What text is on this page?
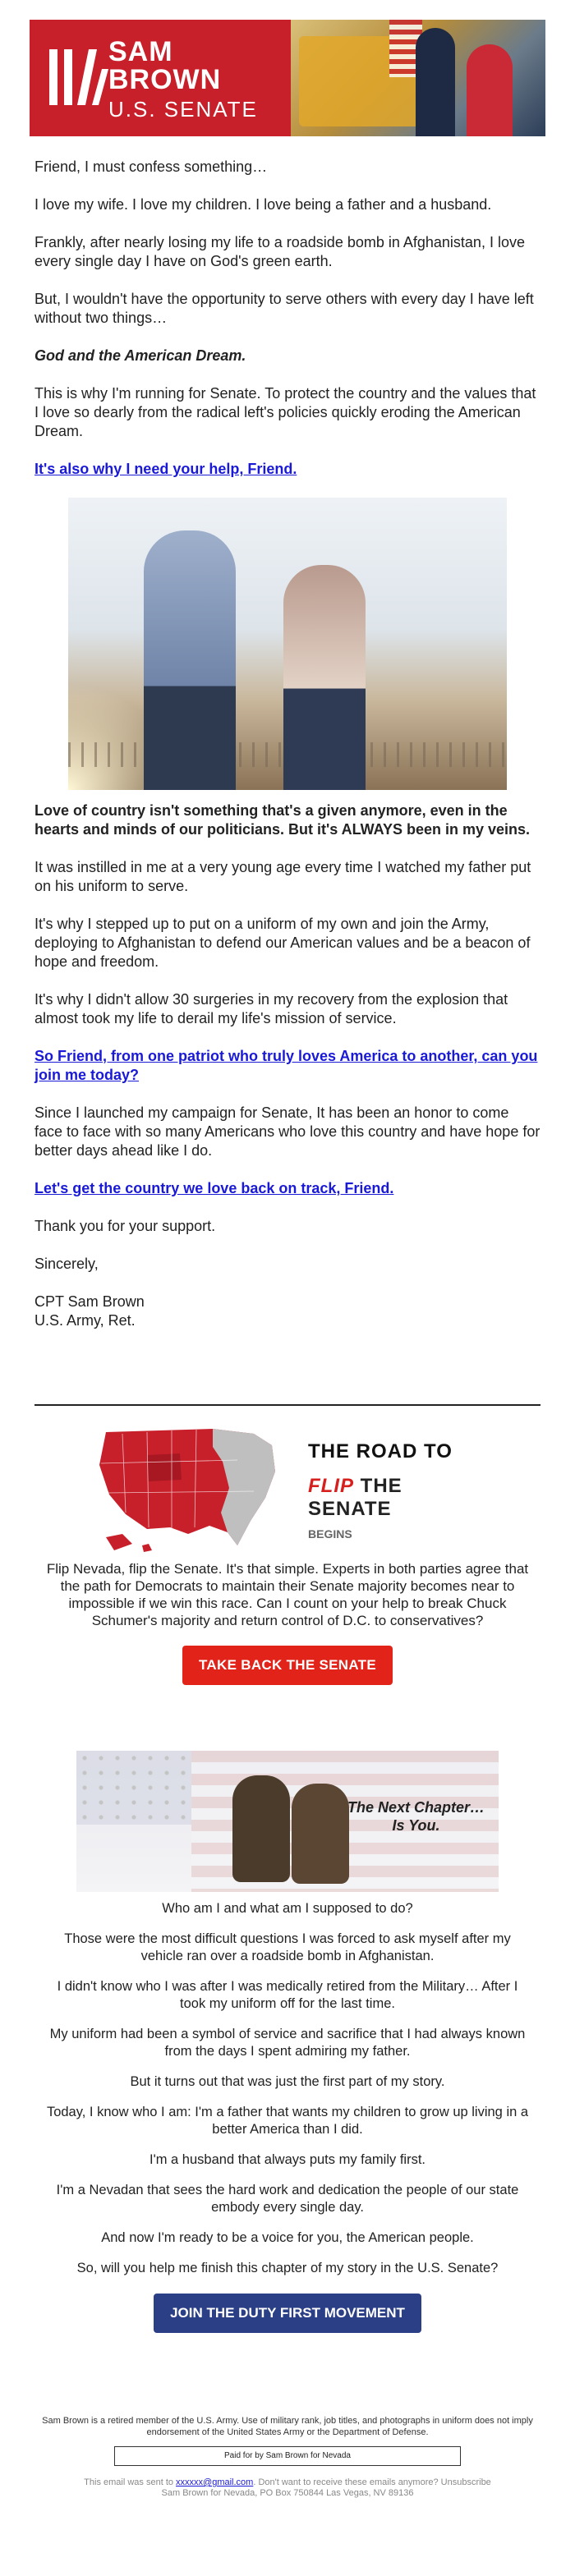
SAM
BROWN
U.S. SENATE

Friend, I must confess something…

I love my wife. I love my children. I love being a father and a husband.

Frankly, after nearly losing my life to a roadside bomb in Afghanistan, I love every single day I have on God's green earth.

But, I wouldn't have the opportunity to serve others with every day I have left without two things…

God and the American Dream.

This is why I'm running for Senate. To protect the country and the values that I love so dearly from the radical left's policies quickly eroding the American Dream.

It's also why I need your help, Friend.

Love of country isn't something that's a given anymore, even in the hearts and minds of our politicians. But it's ALWAYS been in my veins.

It was instilled in me at a very young age every time I watched my father put on his uniform to serve.

It's why I stepped up to put on a uniform of my own and join the Army, deploying to Afghanistan to defend our American values and be a beacon of hope and freedom.

It's why I didn't allow 30 surgeries in my recovery from the explosion that almost took my life to derail my life's mission of service.

So Friend, from one patriot who truly loves America to another, can you join me today?

Since I launched my campaign for Senate, It has been an honor to come face to face with so many Americans who love this country and have hope for better days ahead like I do.

Let's get the country we love back on track, Friend.

Thank you for your support.

Sincerely,

CPT Sam Brown
U.S. Army, Ret.

THE ROAD TO
FLIP THE SENATE
BEGINS

Flip Nevada, flip the Senate. It's that simple. Experts in both parties agree that the path for Democrats to maintain their Senate majority becomes near to impossible if we win this race. Can I count on your help to break Chuck Schumer's majority and return control of D.C. to conservatives?

TAKE BACK THE SENATE
The Next Chapter…
Is You.

Who am I and what am I supposed to do?

Those were the most difficult questions I was forced to ask myself after my vehicle ran over a roadside bomb in Afghanistan.

I didn't know who I was after I was medically retired from the Military… After I took my uniform off for the last time.

My uniform had been a symbol of service and sacrifice that I had always known from the days I spent admiring my father.

But it turns out that was just the first part of my story.

Today, I know who I am: I'm a father that wants my children to grow up living in a better America than I did.

I'm a husband that always puts my family first.

I'm a Nevadan that sees the hard work and dedication the people of our state embody every single day.

And now I'm ready to be a voice for you, the American people.

So, will you help me finish this chapter of my story in the U.S. Senate?

JOIN THE DUTY FIRST MOVEMENT
Sam Brown is a retired member of the U.S. Army. Use of military rank, job titles, and photographs in uniform does not imply endorsement of the United States Army or the Department of Defense.
Paid for by Sam Brown for Nevada
This email was sent to xxxxxx@gmail.com. Don't want to receive these emails anymore? Unsubscribe
Sam Brown for Nevada, PO Box 750844 Las Vegas, NV 89136
